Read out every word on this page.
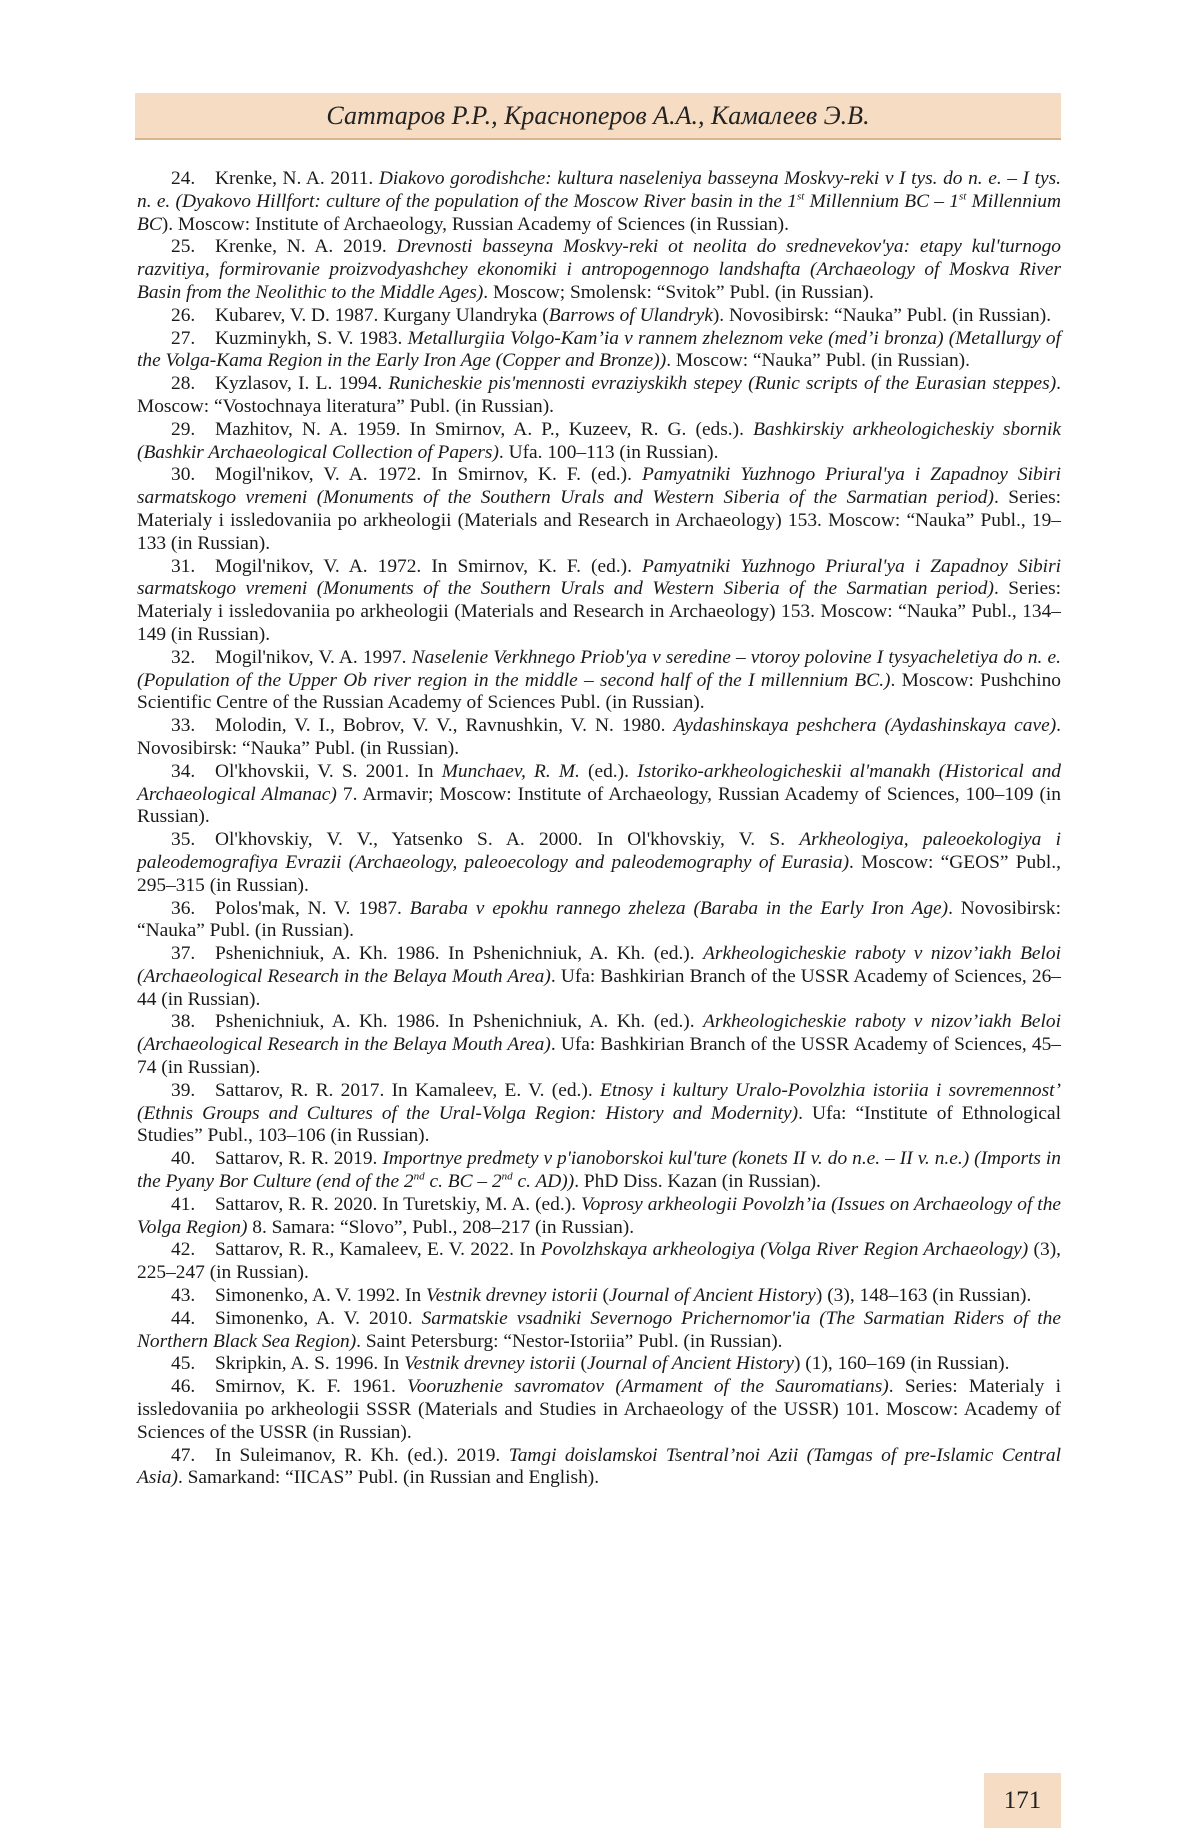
Саттаров Р.Р., Красноперов А.А., Камалеев Э.В.

24. Krenke, N. A. 2011. Diakovo gorodishche: kultura naseleniya basseyna Moskvy-reki v I tys. do n. e. – I tys. n. e. (Dyakovo Hillfort: culture of the population of the Moscow River basin in the 1st Millennium BC – 1st Millennium BC). Moscow: Institute of Archaeology, Russian Academy of Sciences (in Russian).

25. Krenke, N. A. 2019. Drevnosti basseyna Moskvy-reki ot neolita do srednevekov'ya: etapy kul'turnogo razvitiya, formirovanie proizvodyashchey ekonomiki i antropogennogo landshafta (Archaeology of Moskva River Basin from the Neolithic to the Middle Ages). Moscow; Smolensk: “Svitok” Publ. (in Russian).

26. Kubarev, V. D. 1987. Kurgany Ulandryka (Barrows of Ulandryk). Novosibirsk: “Nauka” Publ. (in Russian).

27. Kuzminykh, S. V. 1983. Metallurgiia Volgo-Kam’ia v rannem zheleznom veke (med’i bronza) (Metallurgy of the Volga-Kama Region in the Early Iron Age (Copper and Bronze)). Moscow: “Nauka” Publ. (in Russian).

28. Kyzlasov, I. L. 1994. Runicheskie pis'mennosti evraziyskikh stepey (Runic scripts of the Eurasian steppes). Moscow: “Vostochnaya literatura” Publ. (in Russian).

29. Mazhitov, N. A. 1959. In Smirnov, A. P., Kuzeev, R. G. (eds.). Bashkirskiy arkheologicheskiy sbornik (Bashkir Archaeological Collection of Papers). Ufa. 100–113 (in Russian).

30. Mogil'nikov, V. A. 1972. In Smirnov, K. F. (ed.). Pamyatniki Yuzhnogo Priural'ya i Zapadnoy Sibiri sarmatskogo vremeni (Monuments of the Southern Urals and Western Siberia of the Sarmatian period). Series: Materialy i issledovaniia po arkheologii (Materials and Research in Archaeology) 153. Moscow: “Nauka” Publ., 19–133 (in Russian).

31. Mogil'nikov, V. A. 1972. In Smirnov, K. F. (ed.). Pamyatniki Yuzhnogo Priural'ya i Zapadnoy Sibiri sarmatskogo vremeni (Monuments of the Southern Urals and Western Siberia of the Sarmatian period). Series: Materialy i issledovaniia po arkheologii (Materials and Research in Archaeology) 153. Moscow: “Nauka” Publ., 134–149 (in Russian).

32. Mogil'nikov, V. A. 1997. Naselenie Verkhnego Priob'ya v seredine – vtoroy polovine I tysyacheletiya do n. e. (Population of the Upper Ob river region in the middle – second half of the I millennium BC.). Moscow: Pushchino Scientific Centre of the Russian Academy of Sciences Publ. (in Russian).

33. Molodin, V. I., Bobrov, V. V., Ravnushkin, V. N. 1980. Aydashinskaya peshchera (Aydashinskaya cave). Novosibirsk: “Nauka” Publ. (in Russian).

34. Ol'khovskii, V. S. 2001. In Munchaev, R. M. (ed.). Istoriko-arkheologicheskii al'manakh (Historical and Archaeological Almanac) 7. Armavir; Moscow: Institute of Archaeology, Russian Academy of Sciences, 100–109 (in Russian).

35. Ol'khovskiy, V. V., Yatsenko S. A. 2000. In Ol'khovskiy, V. S. Arkheologiya, paleoekologiya i paleodemografiya Evrazii (Archaeology, paleoecology and paleodemography of Eurasia). Moscow: “GEOS” Publ., 295–315 (in Russian).

36. Polos'mak, N. V. 1987. Baraba v epokhu rannego zheleza (Baraba in the Early Iron Age). Novosibirsk: “Nauka” Publ. (in Russian).

37. Pshenichniuk, A. Kh. 1986. In Pshenichniuk, A. Kh. (ed.). Arkheologicheskie raboty v nizov’iakh Beloi (Archaeological Research in the Belaya Mouth Area). Ufa: Bashkirian Branch of the USSR Academy of Sciences, 26–44 (in Russian).

38. Pshenichniuk, A. Kh. 1986. In Pshenichniuk, A. Kh. (ed.). Arkheologicheskie raboty v nizov’iakh Beloi (Archaeological Research in the Belaya Mouth Area). Ufa: Bashkirian Branch of the USSR Academy of Sciences, 45–74 (in Russian).

39. Sattarov, R. R. 2017. In Kamaleev, E. V. (ed.). Etnosy i kultury Uralo-Povolzhia istoriia i sovremennost’ (Ethnis Groups and Cultures of the Ural-Volga Region: History and Modernity). Ufa: “Institute of Ethnological Studies” Publ., 103–106 (in Russian).

40. Sattarov, R. R. 2019. Importnye predmety v p'ianoborskoi kul'ture (konets II v. do n.e. – II v. n.e.) (Imports in the Pyany Bor Culture (end of the 2nd c. BC – 2nd c. AD)). PhD Diss. Kazan (in Russian).

41. Sattarov, R. R. 2020. In Turetskiy, M. A. (ed.). Voprosy arkheologii Povolzh’ia (Issues on Archaeology of the Volga Region) 8. Samara: “Slovo”, Publ., 208–217 (in Russian).

42. Sattarov, R. R., Kamaleev, E. V. 2022. In Povolzhskaya arkheologiya (Volga River Region Archaeology) (3), 225–247 (in Russian).

43. Simonenko, A. V. 1992. In Vestnik drevney istorii (Journal of Ancient History) (3), 148–163 (in Russian).

44. Simonenko, A. V. 2010. Sarmatskie vsadniki Severnogo Prichernomor'ia (The Sarmatian Riders of the Northern Black Sea Region). Saint Petersburg: “Nestor-Istoriia” Publ. (in Russian).

45. Skripkin, A. S. 1996. In Vestnik drevney istorii (Journal of Ancient History) (1), 160–169 (in Russian).

46. Smirnov, K. F. 1961. Vooruzhenie savromatov (Armament of the Sauromatians). Series: Materialy i issledovaniia po arkheologii SSSR (Materials and Studies in Archaeology of the USSR) 101. Moscow: Academy of Sciences of the USSR (in Russian).

47. In Suleimanov, R. Kh. (ed.). 2019. Tamgi doislamskoi Tsentral’noi Azii (Tamgas of pre-Islamic Central Asia). Samarkand: “IICAS” Publ. (in Russian and English).

171
